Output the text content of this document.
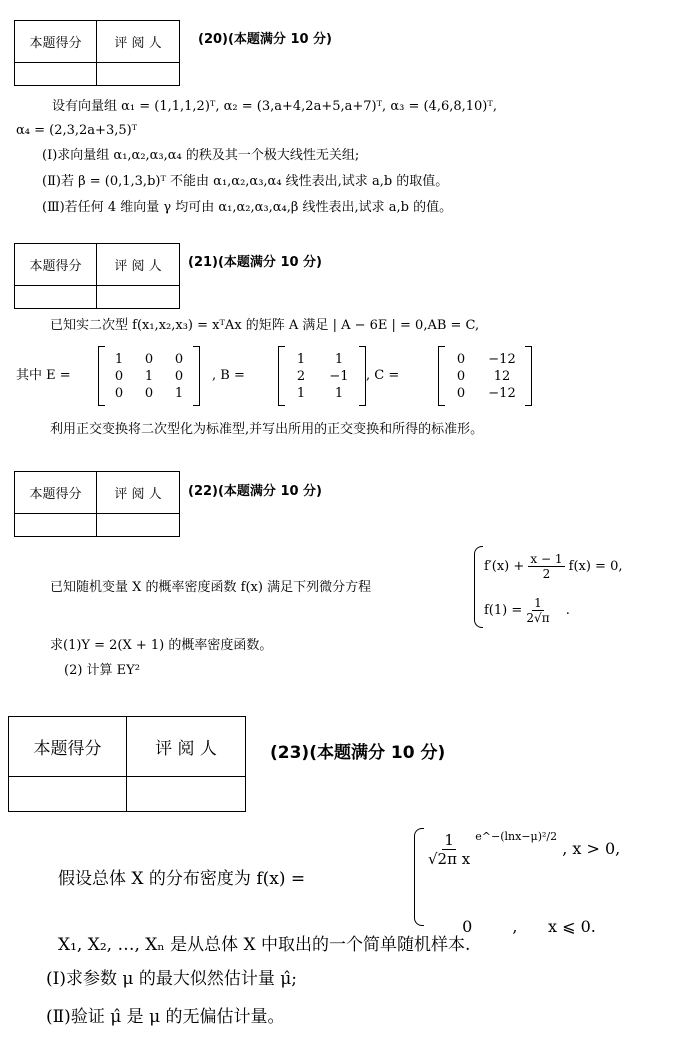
本题得分	评 阅 人	(20)(本题满分 10 分)
设有向量组 α₁ = (1,1,1,2)ᵀ, α₂ = (3,a+4,2a+5,a+7)ᵀ, α₃ = (4,6,8,10)ᵀ,
α₄ = (2,3,2a+3,5)ᵀ
(Ⅰ)求向量组 α₁,α₂,α₃,α₄ 的秩及其一个极大线性无关组;
(Ⅱ)若 β = (0,1,3,b)ᵀ 不能由 α₁,α₂,α₃,α₄ 线性表出,试求 a,b 的取值。
(Ⅲ)若任何 4 维向量 γ 均可由 α₁,α₂,α₃,α₄,β 线性表出,试求 a,b 的值。
本题得分	评 阅 人	(21)(本题满分 10 分)
已知实二次型 f(x₁,x₂,x₃) = xᵀAx 的矩阵 A 满足 | A − 6E | = 0,AB = C,
其中 E =
1 0 0
0 1 0
0 0 1
, B =
1	1
2	−1
1	1
, C =
0	−12
0	12
0	−12
利用正交变换将二次型化为标准型,并写出所用的正交变换和所得的标准形。
本题得分	评 阅 人	(22)(本题满分 10 分)
已知随机变量 X 的概率密度函数 f(x) 满足下列微分方程
$f'(x) + \frac{x - 1}{2} f(x) = 0$,
$f(1) = \frac{1}{2√\pi}$ .
求(1)Y = 2(X + 1) 的概率密度函数。
(2) 计算 EY²
本题得分	评 阅 人	(23)(本题满分 10 分)
假设总体 X 的分布密度为 f(x) =
$\frac{1}{\text{√2π x}} ^{e\^{}-(lnx-\mu)^2/2}$ , x > 0,

0	,      x ⩽ 0.

X₁, X₂, …, Xₙ 是从总体 X 中取出的一个简单随机样本.
(Ⅰ)求参数 μ 的最大似然估计量 μ̂;
(Ⅱ)验证 μ̂ 是 μ 的无偏估计量。
